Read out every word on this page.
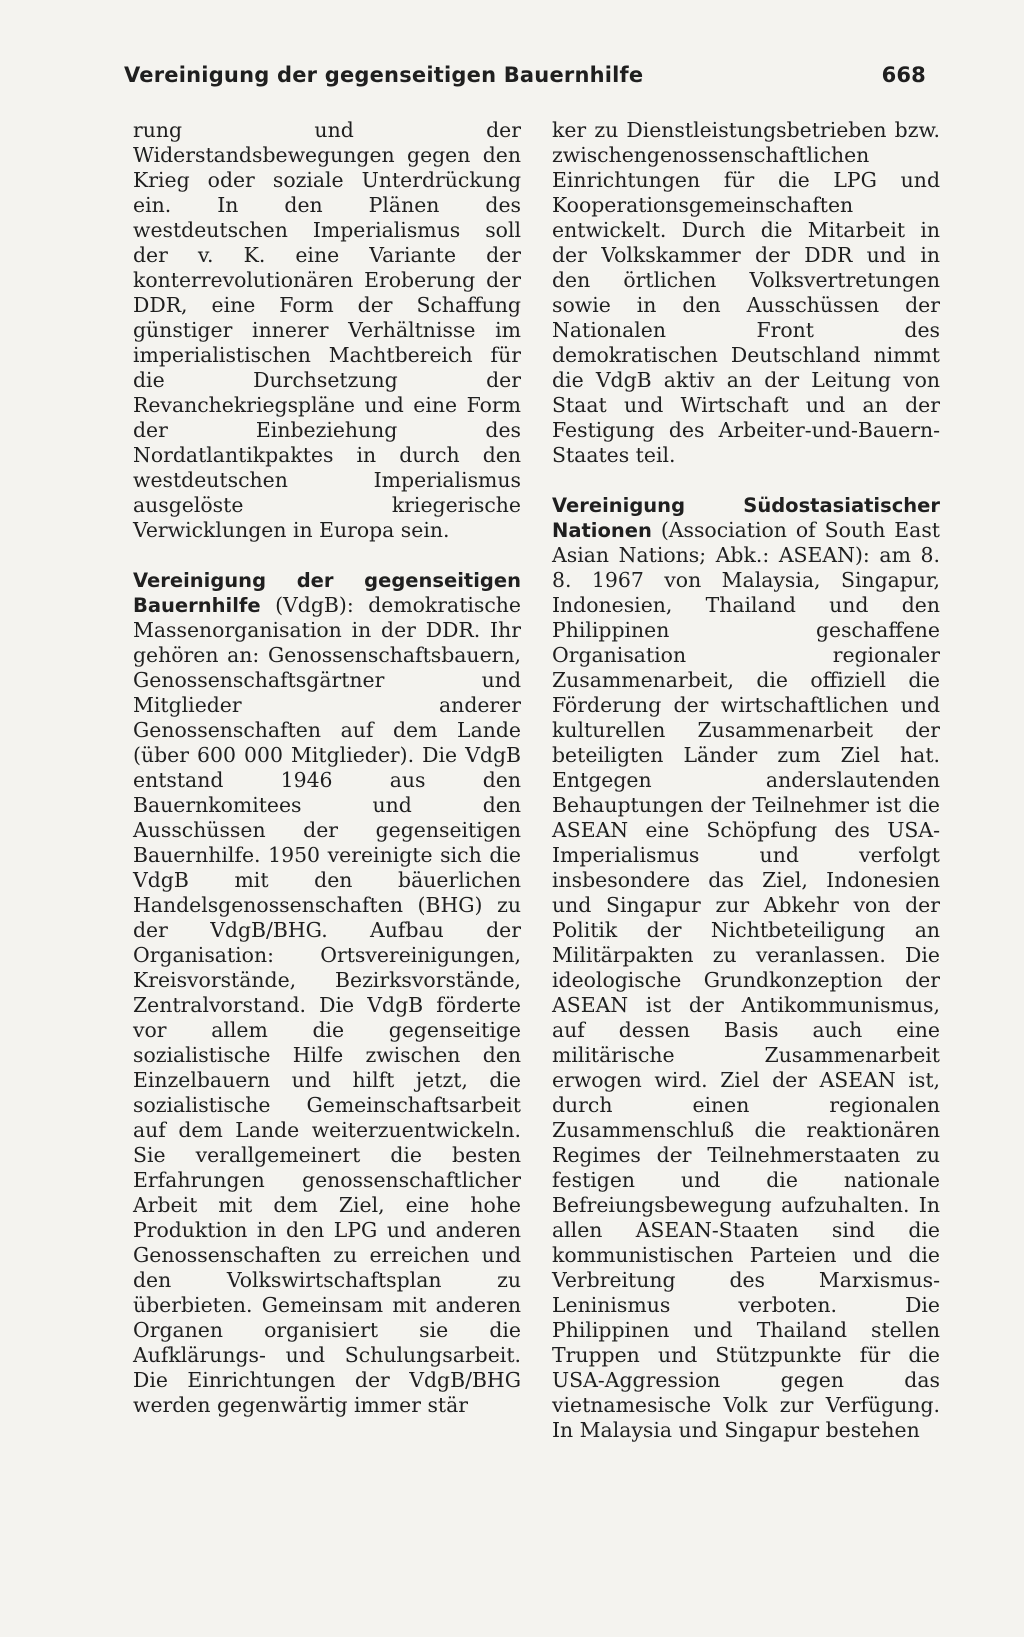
Vereinigung der gegenseitigen Bauernhilfe	668

rung und der Widerstandsbewegungen gegen den Krieg oder soziale Unterdrückung ein. In den Plänen des westdeutschen Imperialismus soll der v. K. eine Variante der konterrevolutionären Eroberung der DDR, eine Form der Schaffung günstiger innerer Verhältnisse im imperialistischen Machtbereich für die Durchsetzung der Revanchekriegspläne und eine Form der Einbeziehung des Nordatlantikpaktes in durch den westdeutschen Imperialismus ausgelöste kriegerische Verwicklungen in Europa sein.

Vereinigung der gegenseitigen Bauernhilfe (VdgB): demokratische Massenorganisation in der DDR. Ihr gehören an: Genossenschaftsbauern, Genossenschaftsgärtner und Mitglieder anderer Genossenschaften auf dem Lande (über 600 000 Mitglieder). Die VdgB entstand 1946 aus den Bauernkomitees und den Ausschüssen der gegenseitigen Bauernhilfe. 1950 vereinigte sich die VdgB mit den bäuerlichen Handelsgenossenschaften (BHG) zu der VdgB/BHG. Aufbau der Organisation: Ortsvereinigungen, Kreisvorstände, Bezirksvorstände, Zentralvorstand. Die VdgB förderte vor allem die gegenseitige sozialistische Hilfe zwischen den Einzelbauern und hilft jetzt, die sozialistische Gemeinschaftsarbeit auf dem Lande weiterzuentwickeln. Sie verallgemeinert die besten Erfahrungen genossenschaftlicher Arbeit mit dem Ziel, eine hohe Produktion in den LPG und anderen Genossenschaften zu erreichen und den Volkswirtschaftsplan zu überbieten. Gemeinsam mit anderen Organen organisiert sie die Aufklärungs- und Schulungsarbeit. Die Einrichtungen der VdgB/BHG werden gegenwärtig immer stär

ker zu Dienstleistungsbetrieben bzw. zwischengenossenschaftlichen Einrichtungen für die LPG und Kooperationsgemeinschaften entwickelt. Durch die Mitarbeit in der Volkskammer der DDR und in den örtlichen Volksvertretungen sowie in den Ausschüssen der Nationalen Front des demokratischen Deutschland nimmt die VdgB aktiv an der Leitung von Staat und Wirtschaft und an der Festigung des Arbeiter-und-Bauern-Staates teil.

Vereinigung Südostasiatischer Nationen (Association of South East Asian Nations; Abk.: ASEAN): am 8. 8. 1967 von Malaysia, Singapur, Indonesien, Thailand und den Philippinen geschaffene Organisation regionaler Zusammenarbeit, die offiziell die Förderung der wirtschaftlichen und kulturellen Zusammenarbeit der beteiligten Länder zum Ziel hat. Entgegen anderslautenden Behauptungen der Teilnehmer ist die ASEAN eine Schöpfung des USA-Imperialismus und verfolgt insbesondere das Ziel, Indonesien und Singapur zur Abkehr von der Politik der Nichtbeteiligung an Militärpakten zu veranlassen. Die ideologische Grundkonzeption der ASEAN ist der Antikommunismus, auf dessen Basis auch eine militärische Zusammenarbeit erwogen wird. Ziel der ASEAN ist, durch einen regionalen Zusammenschluß die reaktionären Regimes der Teilnehmerstaaten zu festigen und die nationale Befreiungsbewegung aufzuhalten. In allen ASEAN-Staaten sind die kommunistischen Parteien und die Verbreitung des Marxismus-Leninismus verboten. Die Philippinen und Thailand stellen Truppen und Stützpunkte für die USA-Aggression gegen das vietnamesische Volk zur Verfügung. In Malaysia und Singapur bestehen
